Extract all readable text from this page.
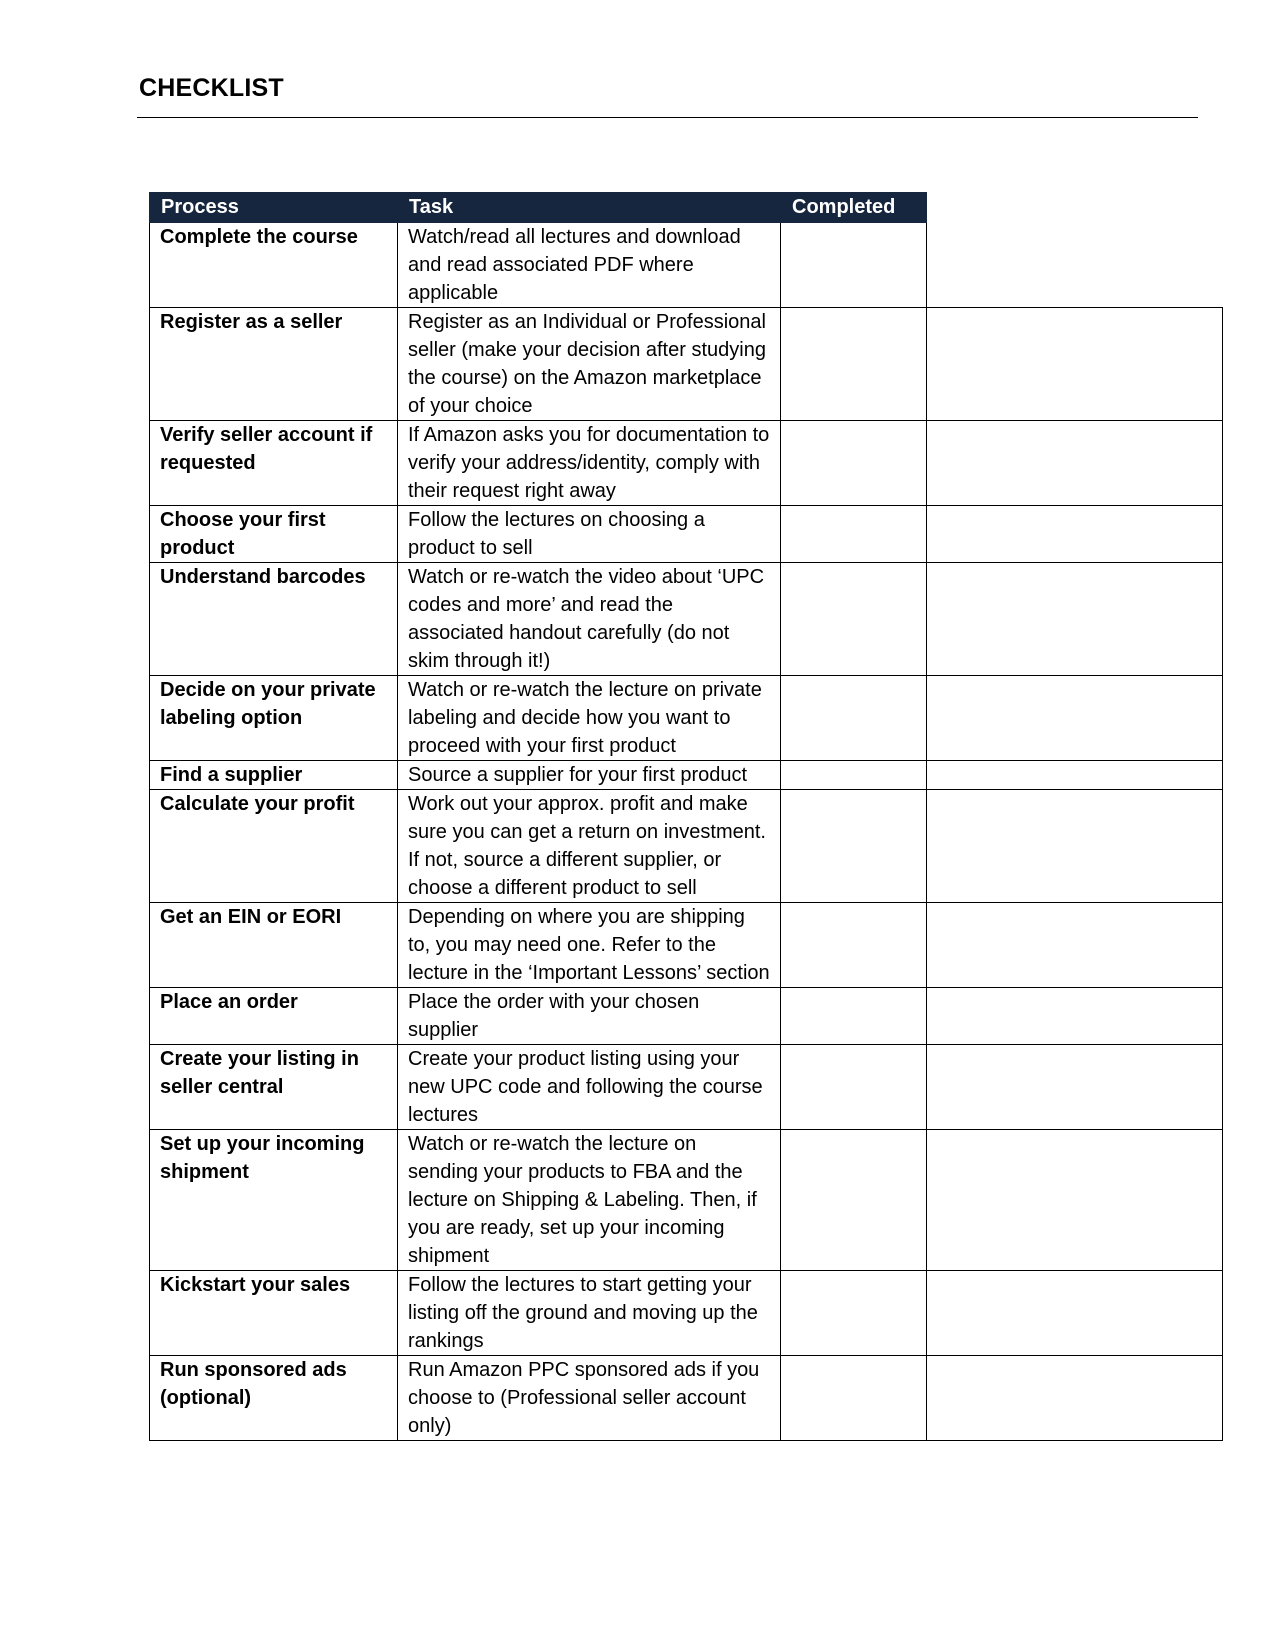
CHECKLIST
Process	Task	Completed	
Complete the course	Watch/read all lectures and download and read associated PDF where applicable		
Register as a seller	Register as an Individual or Professional seller (make your decision after studying the course) on the Amazon marketplace of your choice		
Verify seller account if requested	If Amazon asks you for documentation to verify your address/identity, comply with their request right away		
Choose your first product	Follow the lectures on choosing a product to sell		
Understand barcodes	Watch or re-watch the video about ‘UPC codes and more’ and read the associated handout carefully (do not skim through it!)		
Decide on your private labeling option	Watch or re-watch the lecture on private labeling and decide how you want to proceed with your first product		
Find a supplier	Source a supplier for your first product		
Calculate your profit	Work out your approx. profit and make sure you can get a return on investment. If not, source a different supplier, or choose a different product to sell		
Get an EIN or EORI	Depending on where you are shipping to, you may need one. Refer to the lecture in the ‘Important Lessons’ section		
Place an order	Place the order with your chosen supplier		
Create your listing in seller central	Create your product listing using your new UPC code and following the course lectures		
Set up your incoming shipment	Watch or re-watch the lecture on sending your products to FBA and the lecture on Shipping & Labeling. Then, if you are ready, set up your incoming shipment		
Kickstart your sales	Follow the lectures to start getting your listing off the ground and moving up the rankings		
Run sponsored ads (optional)	Run Amazon PPC sponsored ads if you choose to (Professional seller account only)		
